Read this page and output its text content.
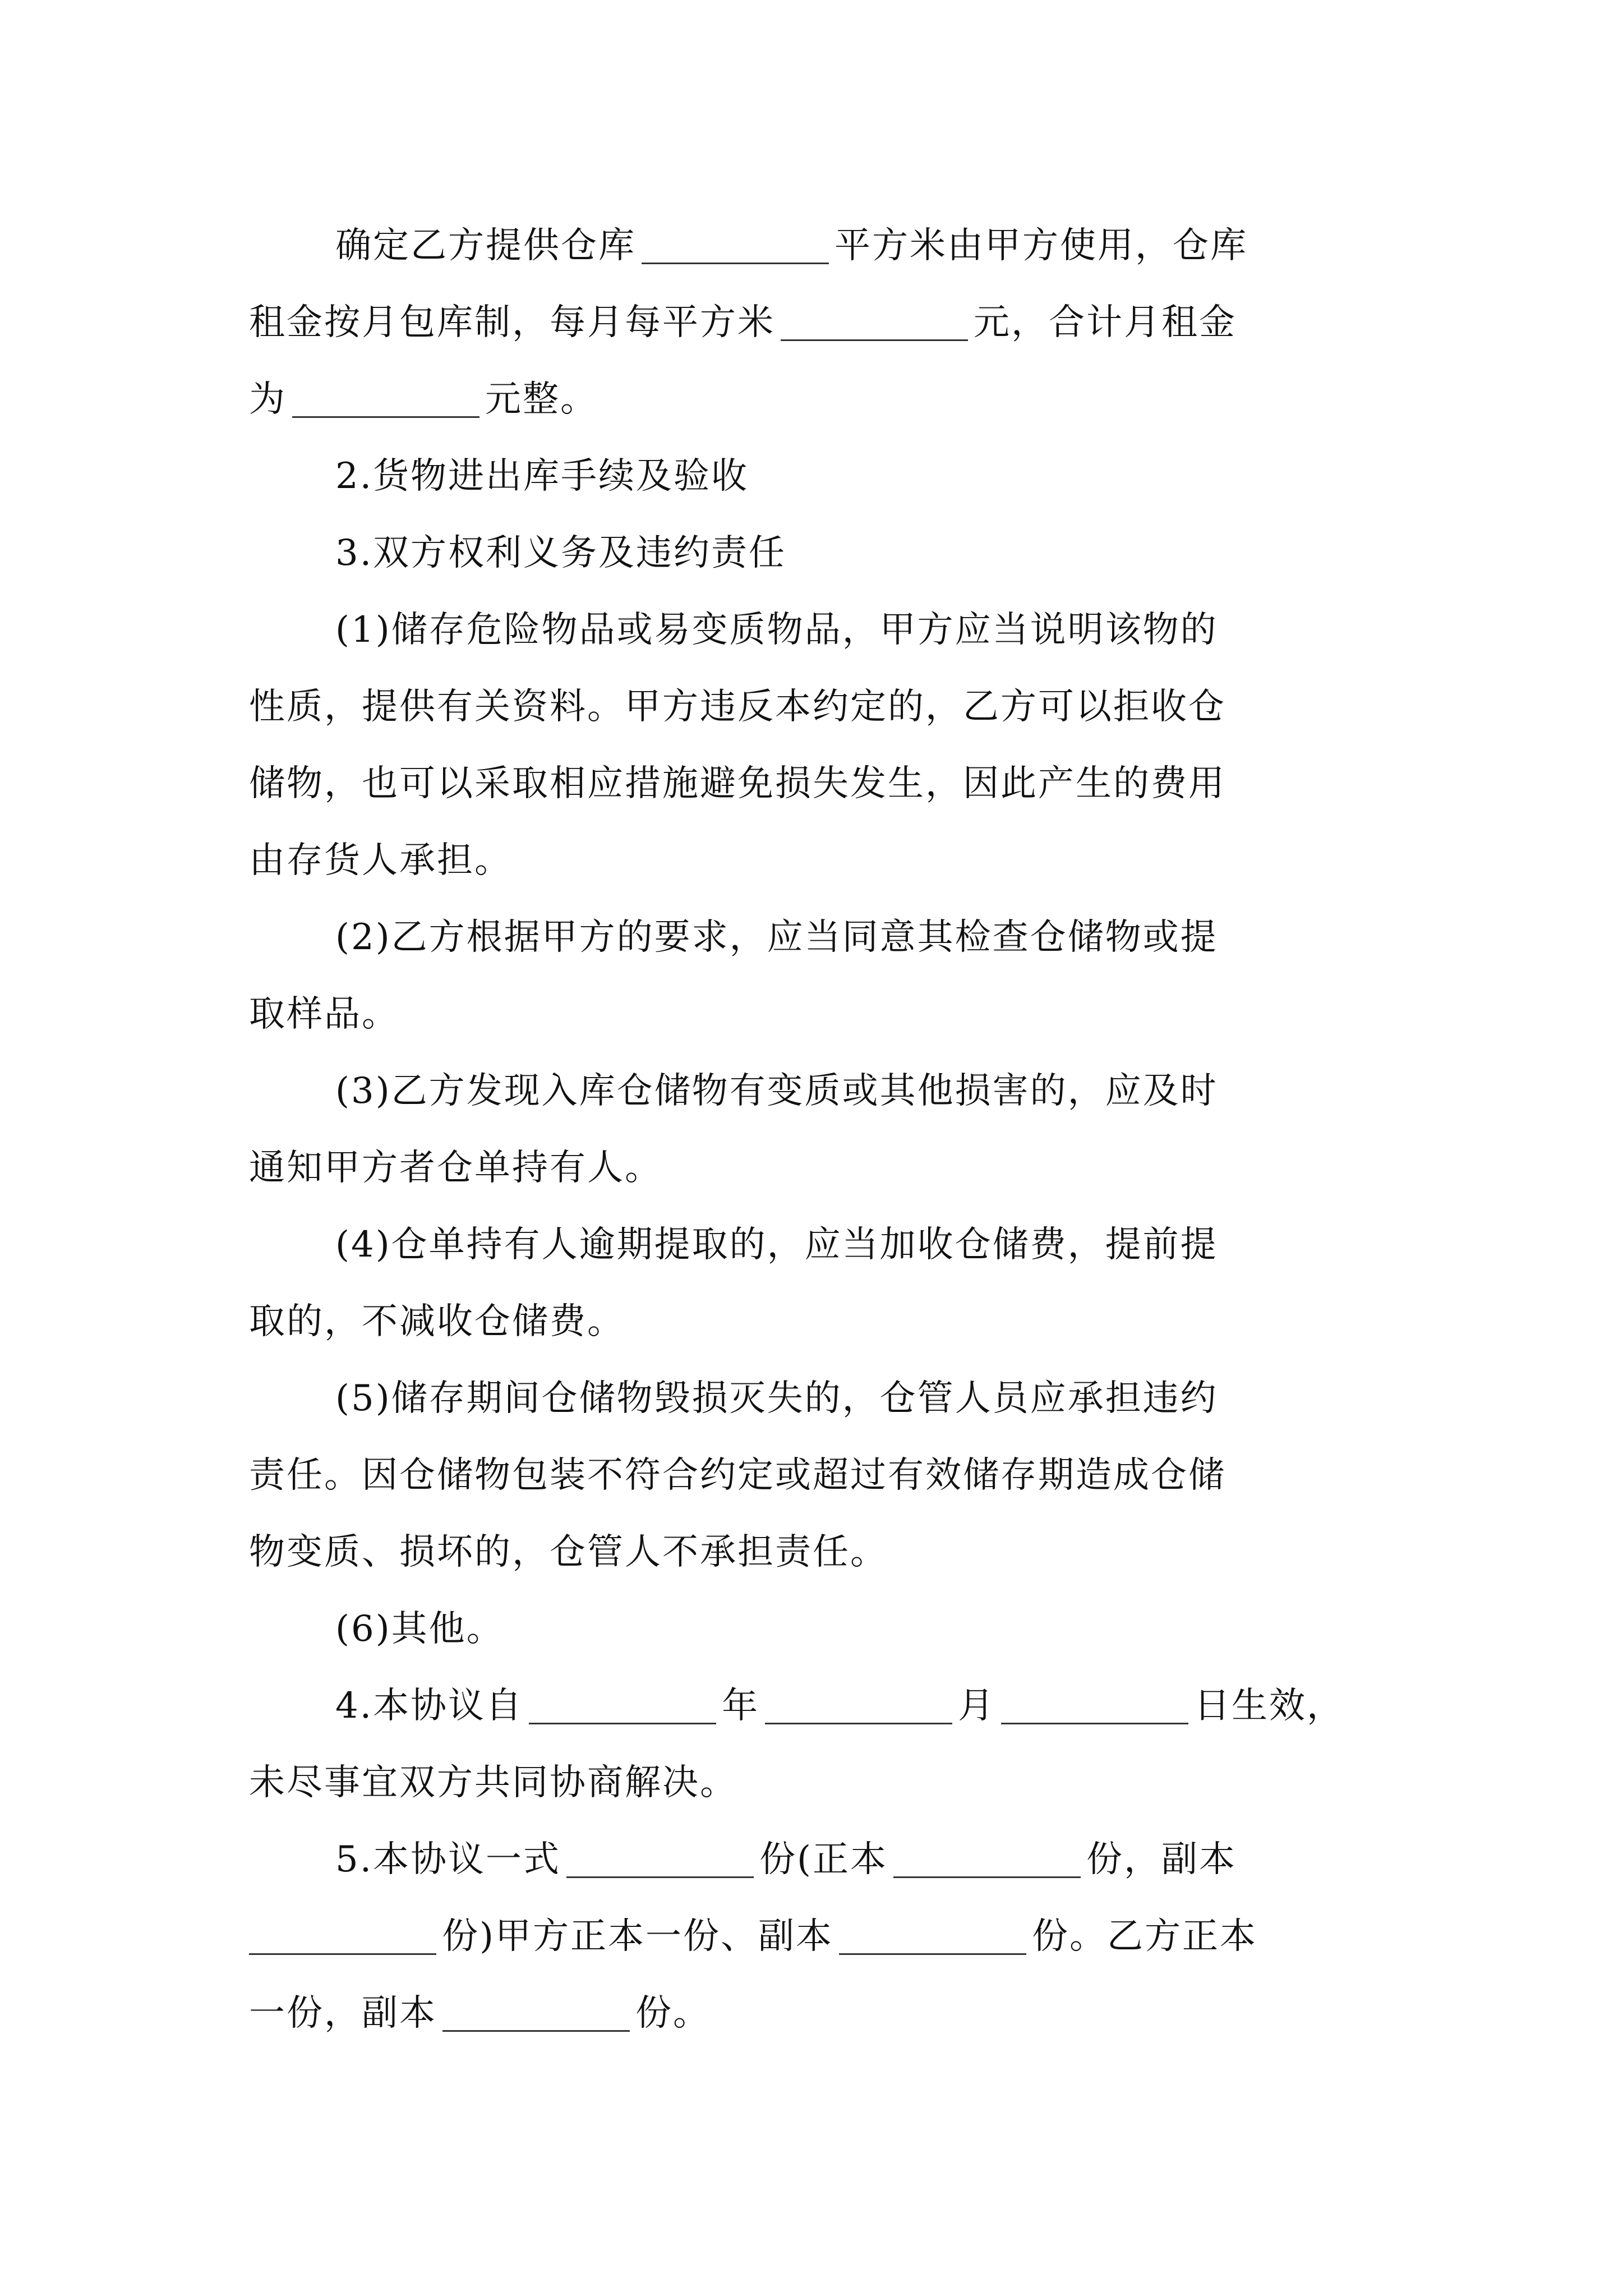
确定乙方提供仓库	平方米由甲方使用，仓库
租金按月包库制，每月每平方米	元，合计月租金
为	元整。
2.货物进出库手续及验收
3.双方权利义务及违约责任
(1)储存危险物品或易变质物品，甲方应当说明该物的
性质，提供有关资料。甲方违反本约定的，乙方可以拒收仓
储物，也可以采取相应措施避免损失发生，因此产生的费用
由存货人承担。
(2)乙方根据甲方的要求，应当同意其检查仓储物或提
取样品。
(3)乙方发现入库仓储物有变质或其他损害的，应及时
通知甲方者仓单持有人。
(4)仓单持有人逾期提取的，应当加收仓储费，提前提
取的，不减收仓储费。
(5)储存期间仓储物毁损灭失的，仓管人员应承担违约
责任。因仓储物包装不符合约定或超过有效储存期造成仓储
物变质、损坏的，仓管人不承担责任。
(6)其他。
4.本协议自	年	月	日生效，
未尽事宜双方共同协商解决。
5.本协议一式	份(正本	份，副本
份)甲方正本一份、副本	份。乙方正本
一份，副本	份。
